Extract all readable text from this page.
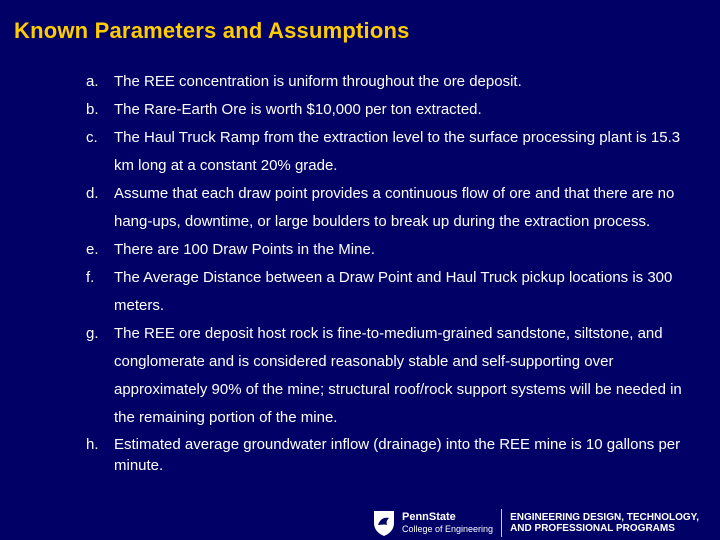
Known Parameters and Assumptions
a.	The REE concentration is uniform throughout the ore deposit.
b.	The Rare-Earth Ore is worth $10,000 per ton extracted.
c.	The Haul Truck Ramp from the extraction level to the surface processing plant is 15.3 km long at a constant 20% grade.
d.	Assume that each draw point provides a continuous flow of ore and that there are no hang-ups, downtime, or large boulders to break up during the extraction process.
e.	There are 100 Draw Points in the Mine.
f.	The Average Distance between a Draw Point and Haul Truck pickup locations is 300 meters.
g.	The REE ore deposit host rock is fine-to-medium-grained sandstone, siltstone, and conglomerate and is considered reasonably stable and self-supporting over approximately 90% of the mine; structural roof/rock support systems will be needed in the remaining portion of the mine.
h.	Estimated average groundwater inflow (drainage) into the REE mine is 10 gallons per minute.
PennState
College of Engineering
ENGINEERING DESIGN, TECHNOLOGY,
AND PROFESSIONAL PROGRAMS
